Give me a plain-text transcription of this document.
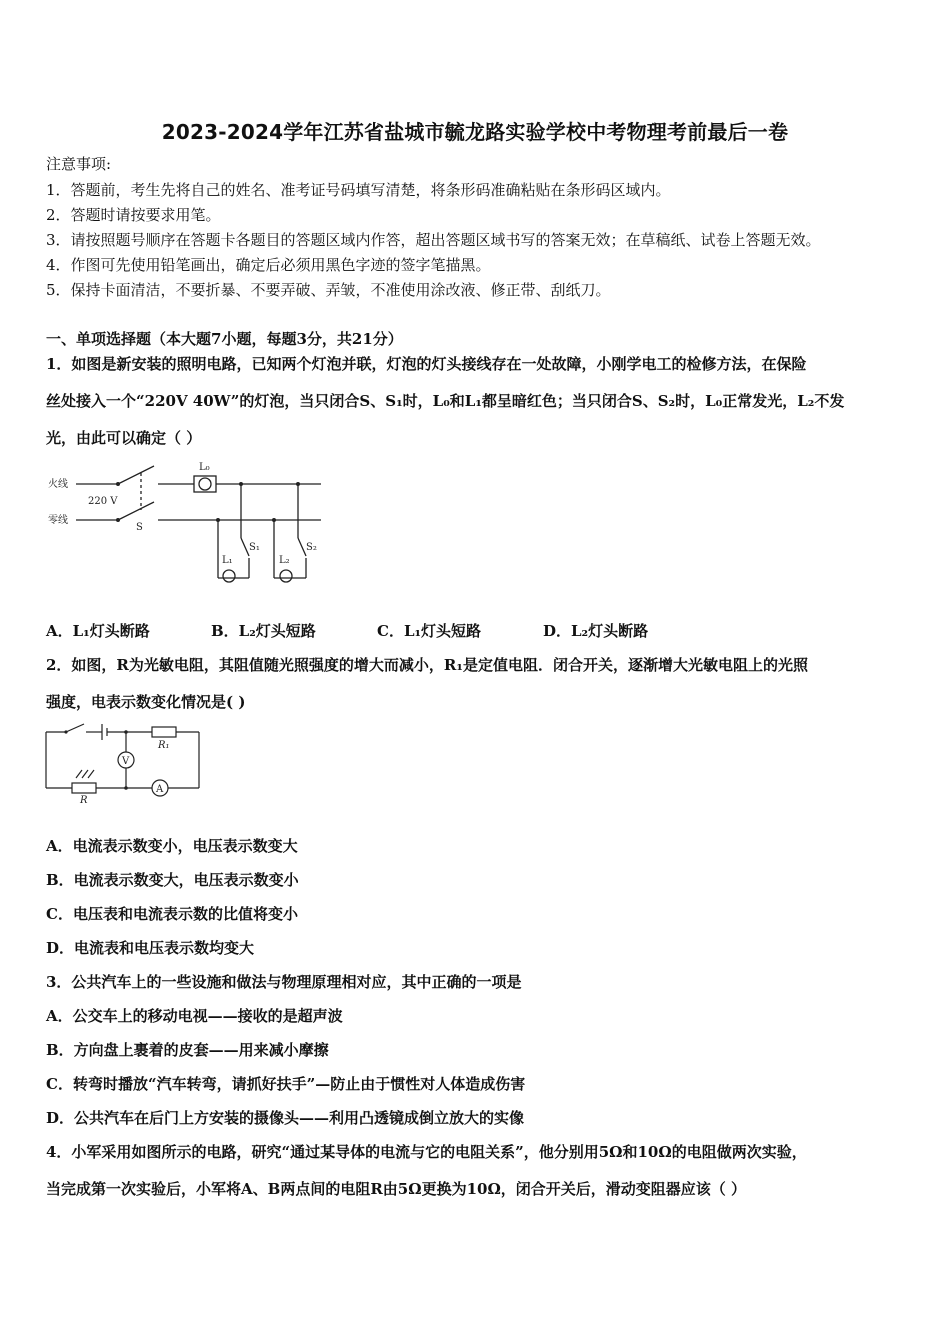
2023-2024学年江苏省盐城市毓龙路实验学校中考物理考前最后一卷
注意事项:
1．答题前，考生先将自己的姓名、准考证号码填写清楚，将条形码准确粘贴在条形码区域内。
2．答题时请按要求用笔。
3．请按照题号顺序在答题卡各题目的答题区域内作答，超出答题区域书写的答案无效；在草稿纸、试卷上答题无效。
4．作图可先使用铅笔画出，确定后必须用黑色字迹的签字笔描黑。
5．保持卡面清洁，不要折暴、不要弄破、弄皱，不准使用涂改液、修正带、刮纸刀。
一、单项选择题（本大题7小题，每题3分，共21分）
1．如图是新安装的照明电路，已知两个灯泡并联，灯泡的灯头接线存在一处故障，小刚学电工的检修方法，在保险
丝处接入一个“220V 40W”的灯泡，当只闭合S、S₁时，L₀和L₁都呈暗红色；当只闭合S、S₂时，L₀正常发光，L₂不发
光，由此可以确定（ ）
火线
零线
220 V
S
L₀
L₁
S₁
L₂
S₂
A．L₁灯头断路	B．L₂灯头短路	C．L₁灯头短路	D．L₂灯头断路
2．如图，R为光敏电阻，其阻值随光照强度的增大而减小，R₁是定值电阻．闭合开关，逐渐增大光敏电阻上的光照
强度，电表示数变化情况是( )
R₁
R
V
A
A．电流表示数变小，电压表示数变大
B．电流表示数变大，电压表示数变小
C．电压表和电流表示数的比值将变小
D．电流表和电压表示数均变大
3．公共汽车上的一些设施和做法与物理原理相对应，其中正确的一项是
A．公交车上的移动电视——接收的是超声波
B．方向盘上裹着的皮套——用来减小摩擦
C．转弯时播放“汽车转弯，请抓好扶手”—防止由于惯性对人体造成伤害
D．公共汽车在后门上方安装的摄像头——利用凸透镜成倒立放大的实像
4．小军采用如图所示的电路，研究“通过某导体的电流与它的电阻关系”，他分别用5Ω和10Ω的电阻做两次实验，
当完成第一次实验后，小军将A、B两点间的电阻R由5Ω更换为10Ω，闭合开关后，滑动变阻器应该（ ）
